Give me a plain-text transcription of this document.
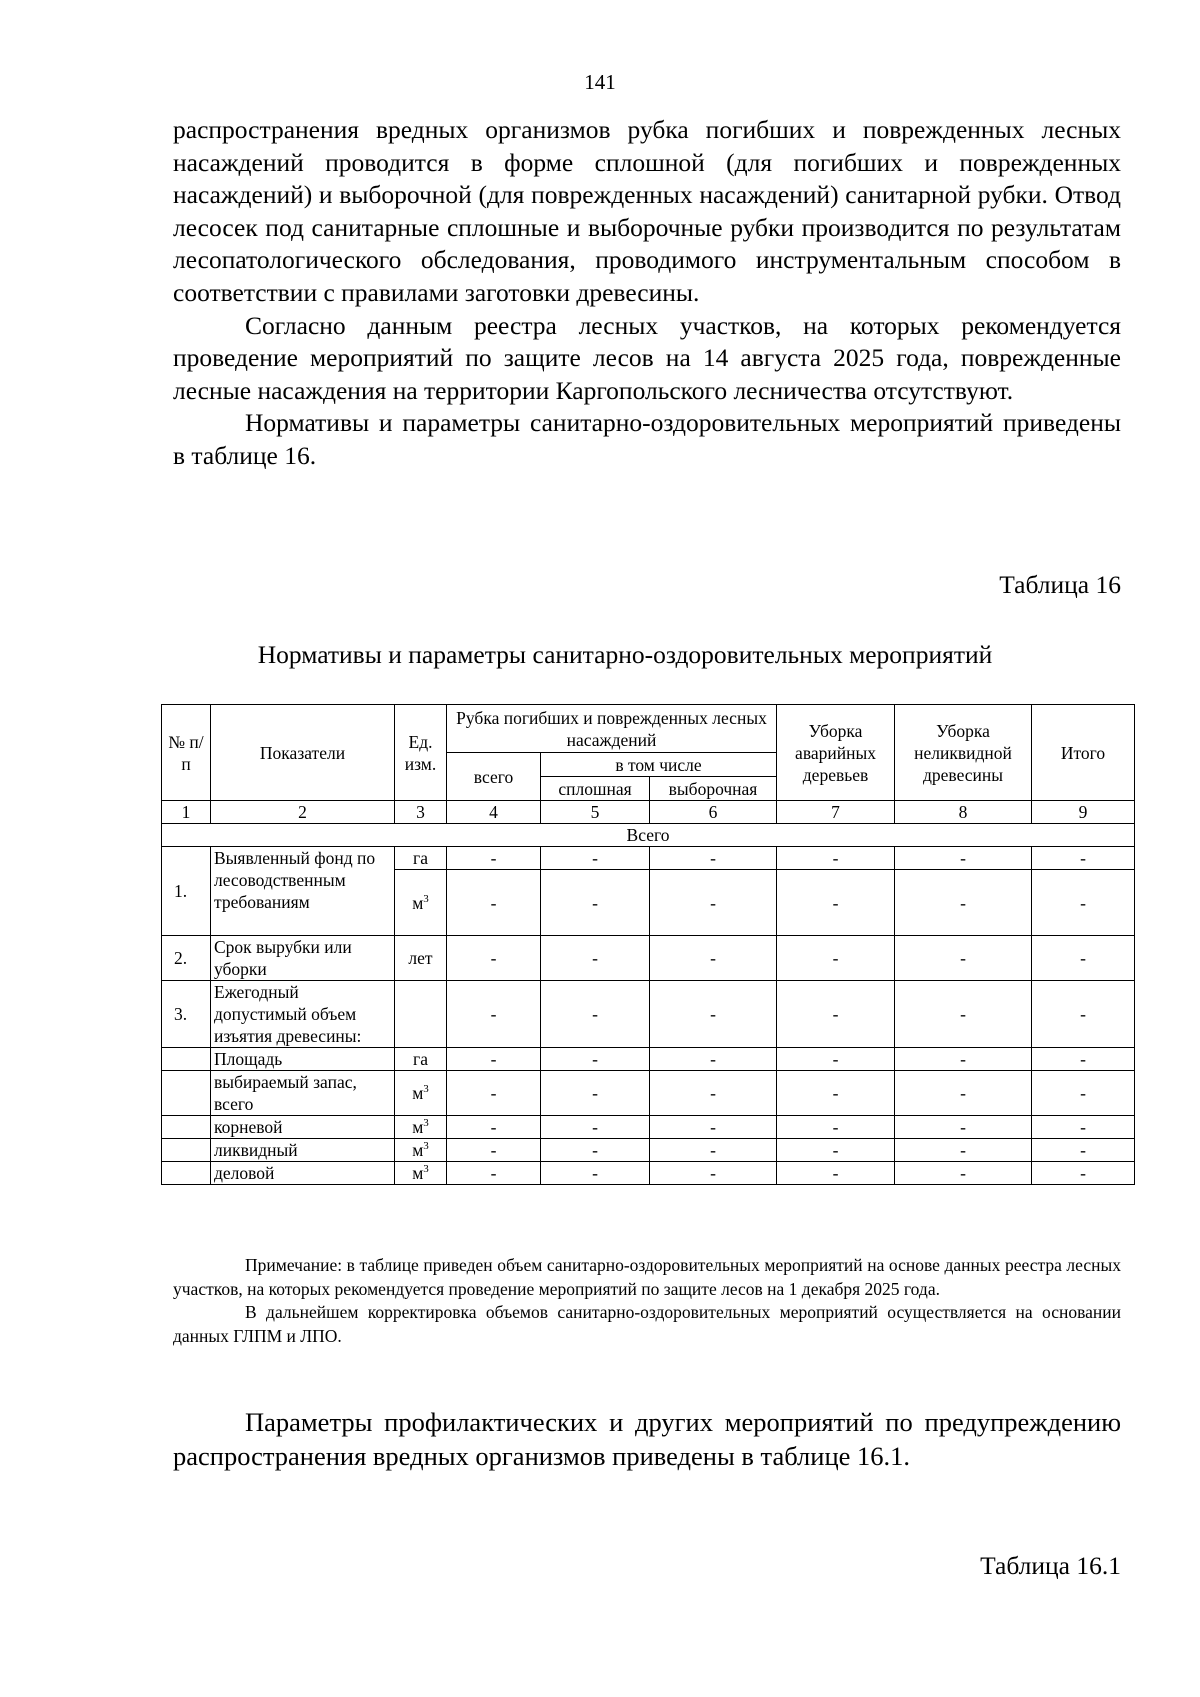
141

распространения вредных организмов рубка погибших и поврежденных лесных насаждений проводится в форме сплошной (для погибших и поврежденных насаждений) и выборочной (для поврежденных насаждений) санитарной рубки. Отвод лесосек под санитарные сплошные и выборочные рубки производится по результатам лесопатологического обследования, проводимого инструментальным способом в соответствии с правилами заготовки древесины.

Согласно данным реестра лесных участков, на которых рекомендуется проведение мероприятий по защите лесов на 14 августа 2025 года, поврежденные лесные насаждения на территории Каргопольского лесничества отсутствуют.

Нормативы и параметры санитарно-оздоровительных мероприятий приведены в таблице 16.

Таблица 16
Нормативы и параметры санитарно-оздоровительных мероприятий
№ п/п	Показатели	Ед. изм.	Рубка погибших и поврежденных лесных насаждений			Уборка аварийных деревьев	Уборка неликвидной древесины	Итого
			всего	в том числе				
				сплошная	выборочная			
1	2	3	4	5	6	7	8	9
Всего								
1.	Выявленный фонд по лесоводственным требованиям	га	-	-	-	-	-	-
		$м^3$	-	-	-	-	-	-
2.	Срок вырубки или уборки	лет	-	-	-	-	-	-
3.	Ежегодный допустимый объем изъятия древесины:		-	-	-	-	-	-
	Площадь	га	-	-	-	-	-	-
	выбираемый запас, всего	$м^3$	-	-	-	-	-	-
	корневой	$м^3$	-	-	-	-	-	-
	ликвидный	$м^3$	-	-	-	-	-	-
	деловой	$м^3$	-	-	-	-	-	-

Примечание: в таблице приведен объем санитарно-оздоровительных мероприятий на основе данных реестра лесных участков, на которых рекомендуется проведение мероприятий по защите лесов на 1 декабря 2025 года.

В дальнейшем корректировка объемов санитарно-оздоровительных мероприятий осуществляется на основании данных ГЛПМ и ЛПО.

Параметры профилактических и других мероприятий по предупреждению распространения вредных организмов приведены в таблице 16.1.

Таблица 16.1
